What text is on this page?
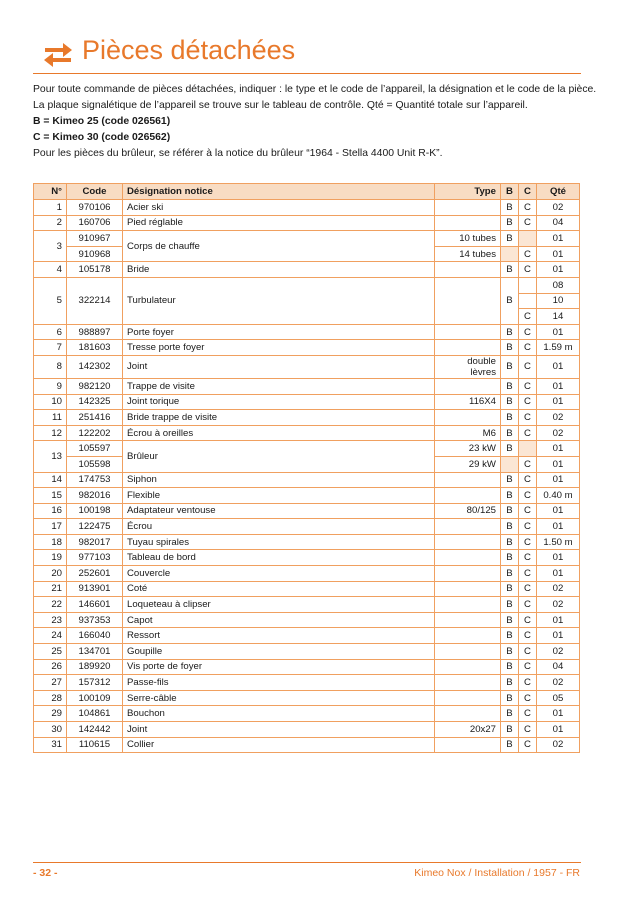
Pièces détachées

Pour toute commande de pièces détachées, indiquer : le type et le code de l’appareil, la désignation et le code de la pièce.

La plaque signalétique de l’appareil se trouve sur le tableau de contrôle. Qté = Quantité totale sur l’appareil.

B = Kimeo 25 (code 026561)

C = Kimeo 30 (code 026562)

Pour les pièces du brûleur, se référer à la notice du brûleur “1964 - Stella 4400 Unit R-K”.

N°	Code	Désignation notice	Type	B	C	Qté
1	970106	Acier ski		B	C	02
2	160706	Pied réglable		B	C	04
3	910967	Corps de chauffe	10 tubes	B		01
	910968		14 tubes		C	01
4	105178	Bride		B	C	01
5	322214	Turbulateur		B		08
						10
					C	14
6	988897	Porte foyer		B	C	01
7	181603	Tresse porte foyer		B	C	1.59 m
8	142302	Joint	double lèvres	B	C	01
9	982120	Trappe de visite		B	C	01
10	142325	Joint torique	116X4	B	C	01
11	251416	Bride trappe de visite		B	C	02
12	122202	Écrou à oreilles	M6	B	C	02
13	105597	Brûleur	23 kW	B		01
	105598		29 kW		C	01
14	174753	Siphon		B	C	01
15	982016	Flexible		B	C	0.40 m
16	100198	Adaptateur ventouse	80/125	B	C	01
17	122475	Écrou		B	C	01
18	982017	Tuyau spirales		B	C	1.50 m
19	977103	Tableau de bord		B	C	01
20	252601	Couvercle		B	C	01
21	913901	Coté		B	C	02
22	146601	Loqueteau à clipser		B	C	02
23	937353	Capot		B	C	01
24	166040	Ressort		B	C	01
25	134701	Goupille		B	C	02
26	189920	Vis porte de foyer		B	C	04
27	157312	Passe-fils		B	C	02
28	100109	Serre-câble		B	C	05
29	104861	Bouchon		B	C	01
30	142442	Joint	20x27	B	C	01
31	110615	Collier		B	C	02
- 32 -	Kimeo Nox / Installation / 1957 - FR
